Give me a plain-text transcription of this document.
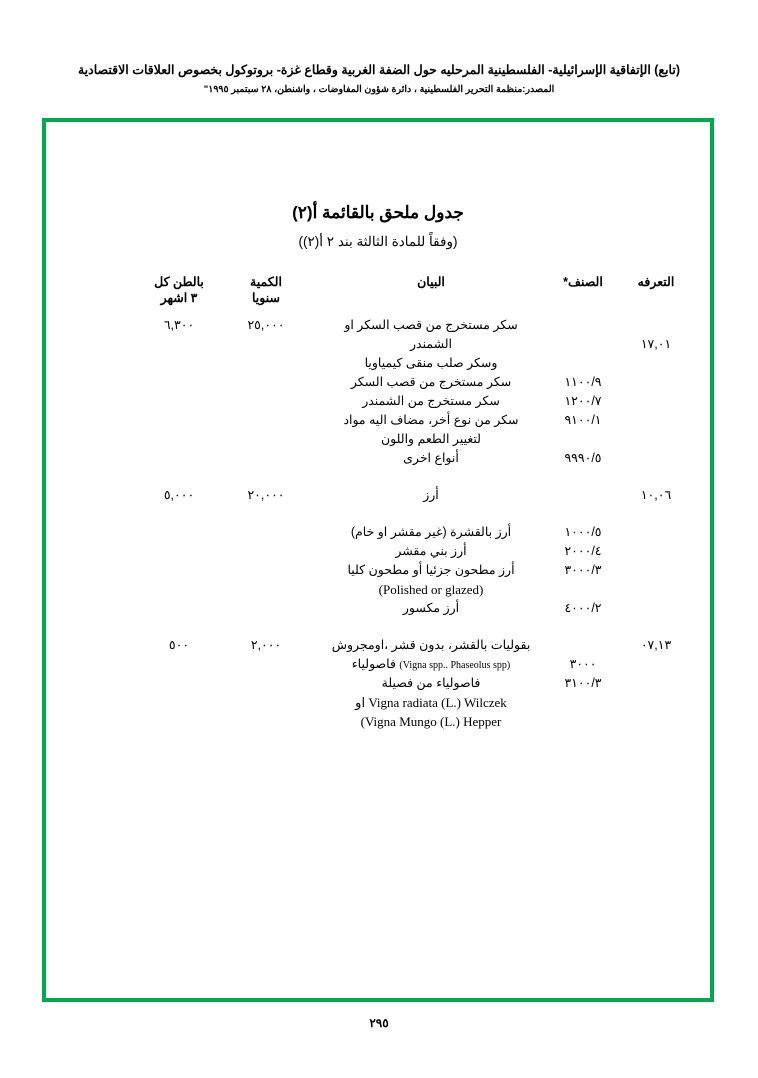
(تابع) الإتفاقية الإسرائيلية- الفلسطينية المرحليه حول الضفة الغربية وقطاع غزة- بروتوكول بخصوص العلاقات الاقتصادية
المصدر:منظمة التحرير الفلسطينية ، دائرة شؤون المفاوضات ، واشنطن، ٢٨ سبتمبر ١٩٩٥"
جدول ملحق بالقائمة أ(٢)
(وفقاً للمادة الثالثة بند ٢ أ(٢))
التعرفه
الصنف*
البيان
الكمية
سنويا
بالطن كل
٣ اشهر
سكر مستخرج من قصب السكر او
٢٥,٠٠٠
٦,٣٠٠
١٧,٠١
الشمندر
وسكر صلب منقى كيمياويا
١١٠٠/٩
سكر مستخرج من قصب السكر
١٢٠٠/٧
سكر مستخرج من الشمندر
٩١٠٠/١
سكر من نوع أخر، مضاف اليه مواد
لتغيير الطعم واللون
٩٩٩٠/٥
أنواع اخرى
١٠,٠٦
أرز
٢٠,٠٠٠
٥,٠٠٠
١٠٠٠/٥
أرز بالقشرة (غير مقشر او خام)
٢٠٠٠/٤
أرز بني مقشر
٣٠٠٠/٣
أرز مطحون جزئيا أو مطحون كليا
(Polished or glazed)
٤٠٠٠/٢
أرز مكسور
٠٧,١٣
بقوليات بالقشر، بدون قشر ،اومجروش
٢,٠٠٠
٥٠٠
٣٠٠٠
(Vigna spp.. Phaseolus spp) فاصولياء
٣١٠٠/٣
فاصولياء من فصيلة
Vigna radiata (L.) Wilczek او
(Vigna Mungo (L.) Hepper
٢٩٥
